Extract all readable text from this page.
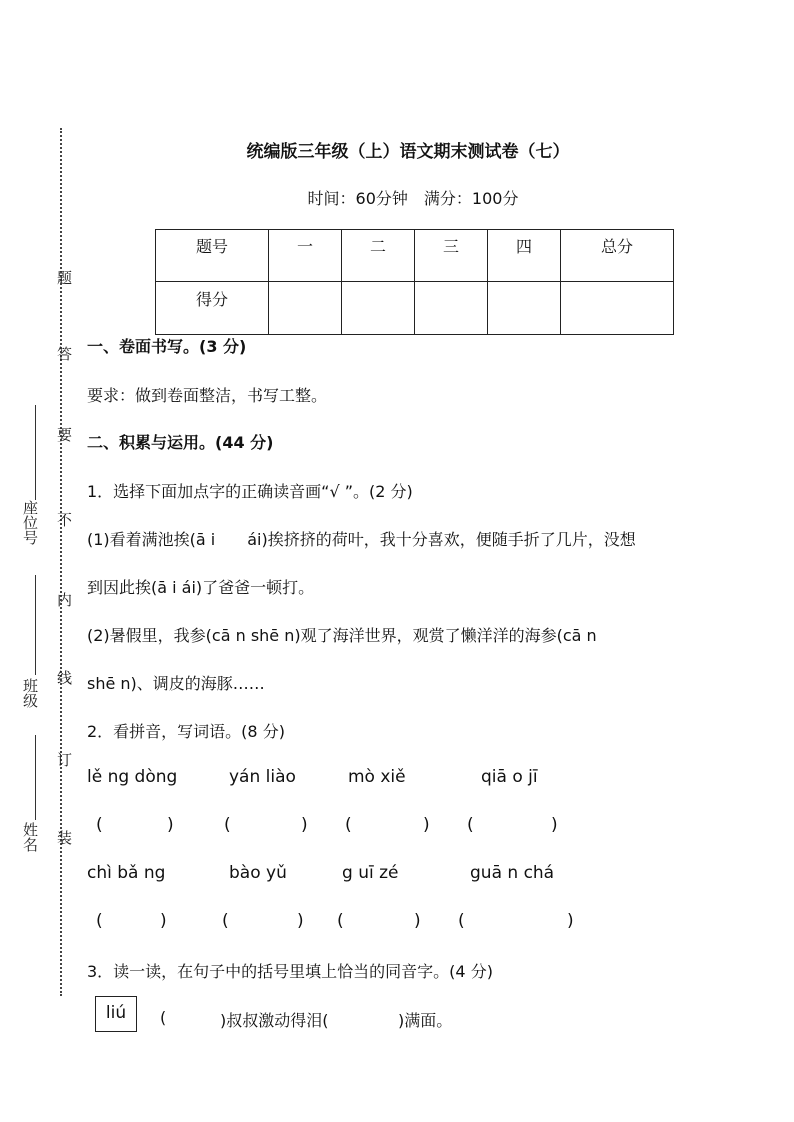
题
答
要
不
内
线
订
装
座位号
班级
姓名
统编版三年级（上）语文期末测试卷（七）
时间：60分钟　满分：100分
题号	一	二	三	四	总分
得分					
一、卷面书写。(3 分)
要求：做到卷面整洁，书写工整。
二、积累与运用。(44 分)
1．选择下面加点字的正确读音画“√ ”。(2 分)
(1)看着满池挨(ā i　　ái)挨挤挤的荷叶，我十分喜欢，便随手折了几片，没想
到因此挨(ā i ái)了爸爸一顿打。
(2)暑假里，我参(cā n shē n)观了海洋世界，观赏了懒洋洋的海参(cā n
shē n)、调皮的海豚……
2．看拼音，写词语。(8 分)
lě ng dòng	yán liào	mò xiě	qiā o jī
(	)	(	) (	) (	)
chì bǎ ng	bào yǔ	g uī zé	guā n chá
(	)	(	) (	) (	)
3．读一读，在句子中的括号里填上恰当的同音字。(4 分)
liú	(	)叔叔激动得泪(	)满面。
